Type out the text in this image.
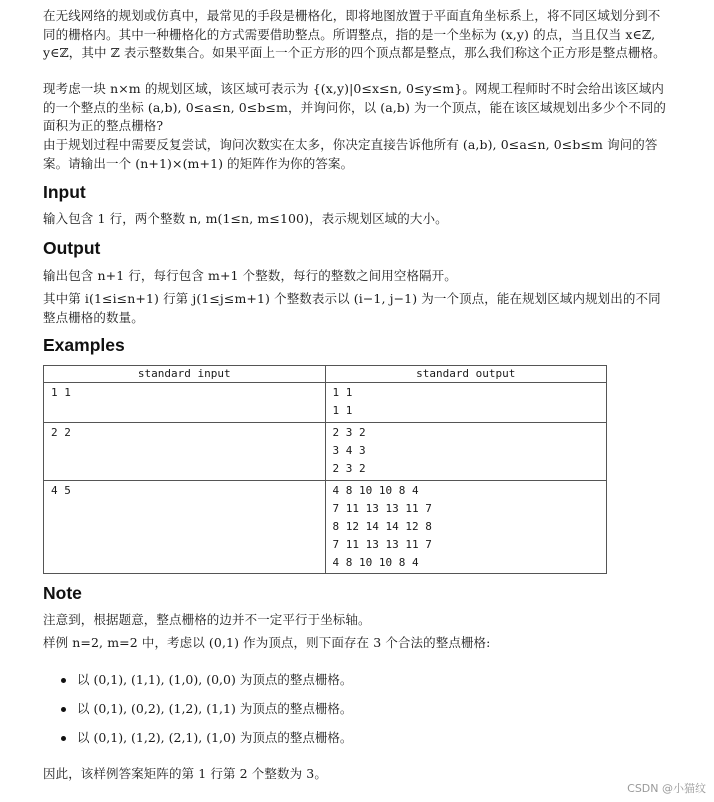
在无线网络的规划或仿真中，最常见的手段是栅格化，即将地图放置于平面直角坐标系上，将不同区域划分到不同的栅格内。其中一种栅格化的方式需要借助整点。所谓整点，指的是一个坐标为 (x,y) 的点，当且仅当 x∈ℤ, y∈ℤ，其中 ℤ 表示整数集合。如果平面上一个正方形的四个顶点都是整点，那么我们称这个正方形是整点栅格。

现考虑一块 n×m 的规划区域，该区域可表示为 {(x,y)|0≤x≤n, 0≤y≤m}。网规工程师时不时会给出该区域内的一个整点的坐标 (a,b), 0≤a≤n, 0≤b≤m，并询问你，以 (a,b) 为一个顶点，能在该区域规划出多少个不同的面积为正的整点栅格?

由于规划过程中需要反复尝试，询问次数实在太多，你决定直接告诉他所有 (a,b), 0≤a≤n, 0≤b≤m 询问的答案。请输出一个 (n+1)×(m+1) 的矩阵作为你的答案。

Input

输入包含 1 行，两个整数 n, m(1≤n, m≤100)，表示规划区域的大小。

Output

输出包含 n+1 行，每行包含 m+1 个整数，每行的整数之间用空格隔开。

其中第 i(1≤i≤n+1) 行第 j(1≤j≤m+1) 个整数表示以 (i−1, j−1) 为一个顶点，能在规划区域内规划出的不同整点栅格的数量。

Examples
standard input	standard output

1 1	1 1
1 1

2 2	2 3 2
3 4 3
2 3 2

4 5	4 8 10 10 8 4
7 11 13 13 11 7
8 12 14 14 12 8
7 11 13 13 11 7
4 8 10 10 8 4
Note

注意到，根据题意，整点栅格的边并不一定平行于坐标轴。

样例 n=2, m=2 中，考虑以 (0,1) 作为顶点，则下面存在 3 个合法的整点栅格:

以 (0,1), (1,1), (1,0), (0,0) 为顶点的整点栅格。
以 (0,1), (0,2), (1,2), (1,1) 为顶点的整点栅格。
以 (0,1), (1,2), (2,1), (1,0) 为顶点的整点栅格。

因此，该样例答案矩阵的第 1 行第 2 个整数为 3。

CSDN @小猫纹
